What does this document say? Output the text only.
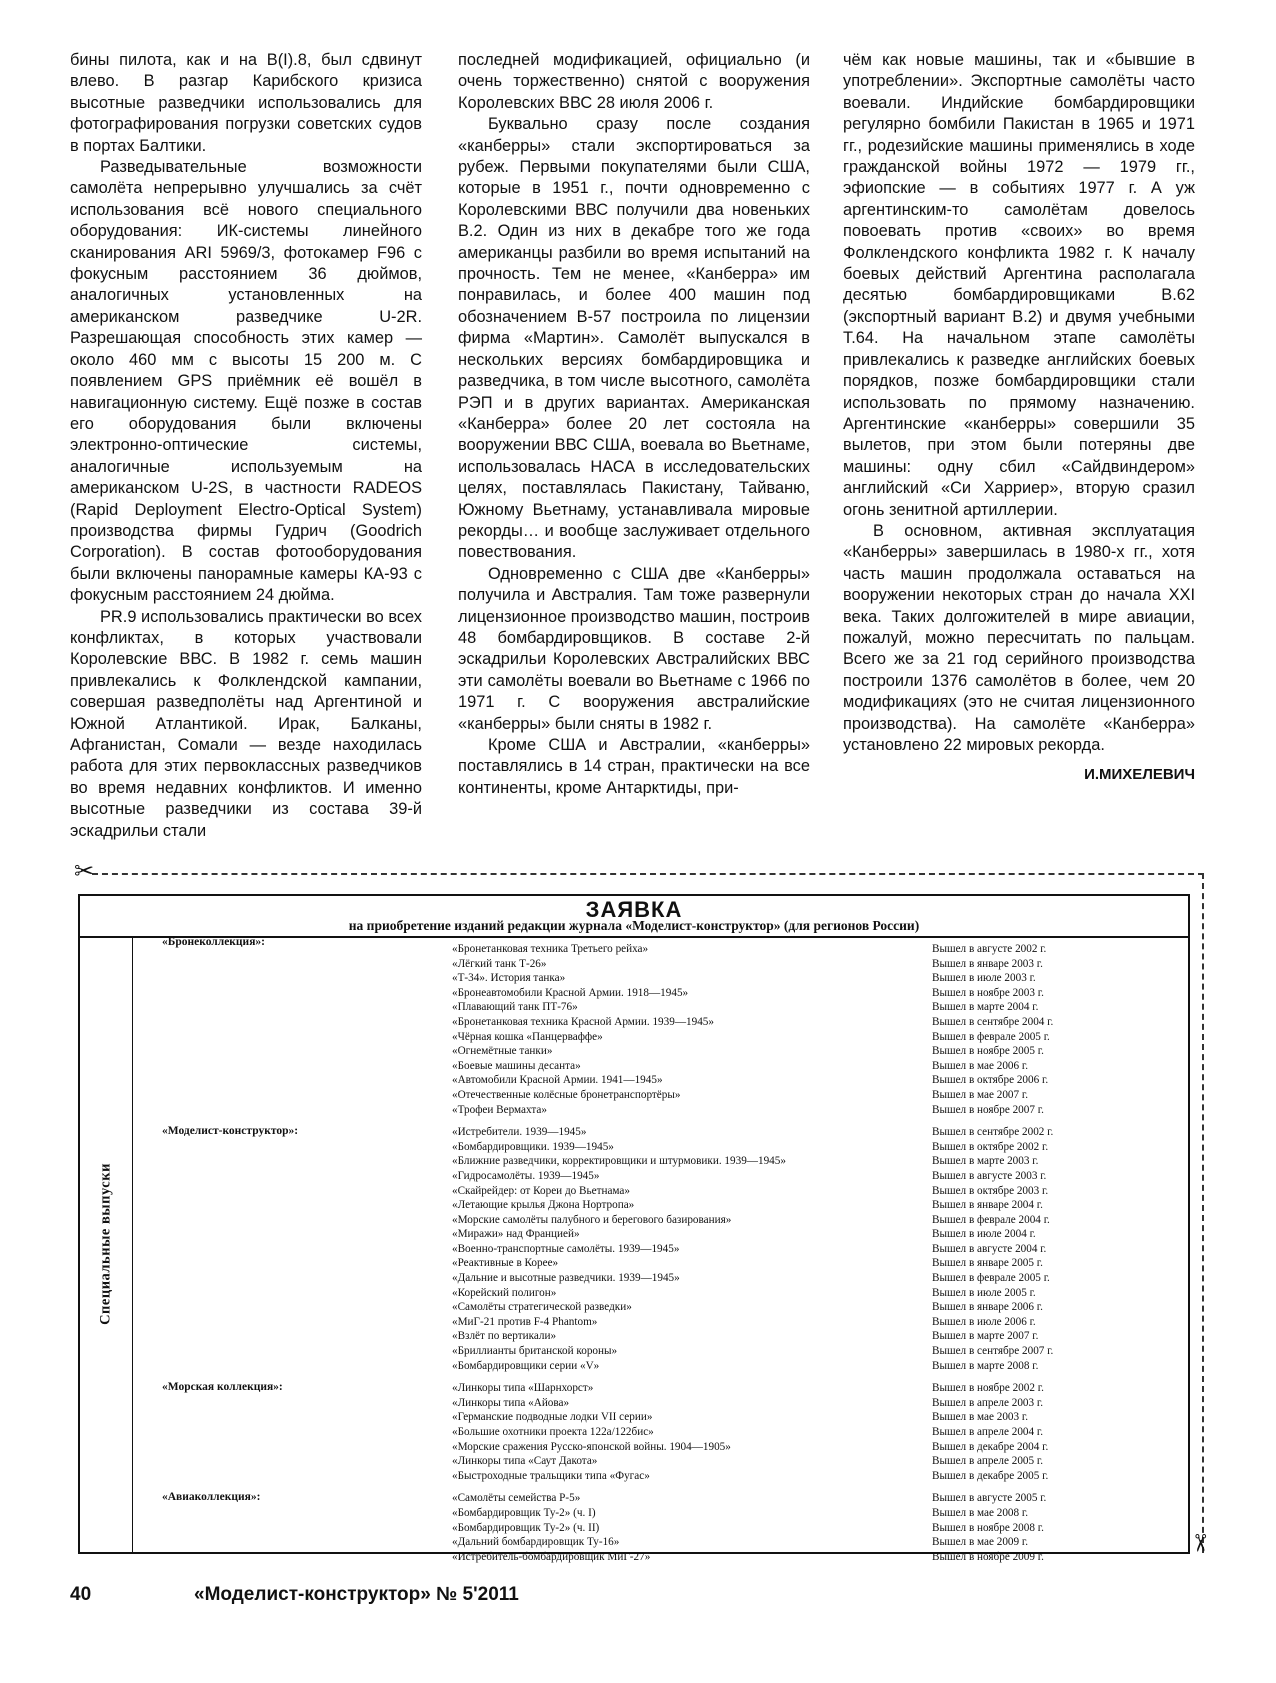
бины пилота, как и на B(I).8, был сдвинут влево. В разгар Карибского кризиса высотные разведчики использовались для фотографирования погрузки советских судов в портах Балтики.

Разведывательные возможности самолёта непрерывно улучшались за счёт использования всё нового специального оборудования: ИК-системы линейного сканирования ARI 5969/3, фотокамер F96 с фокусным расстоянием 36 дюймов, аналогичных установленных на американском разведчике U-2R. Разрешающая способность этих камер — около 460 мм с высоты 15 200 м. С появлением GPS приёмник её вошёл в навигационную систему. Ещё позже в состав его оборудования были включены электронно-оптические системы, аналогичные используемым на американском U-2S, в частности RADEOS (Rapid Deployment Electro-Optical System) производства фирмы Гудрич (Goodrich Corporation). В состав фотооборудования были включены панорамные камеры КА-93 с фокусным расстоянием 24 дюйма.

PR.9 использовались практически во всех конфликтах, в которых участвовали Королевские ВВС. В 1982 г. семь машин привлекались к Фолклендской кампании, совершая разведполёты над Аргентиной и Южной Атлантикой. Ирак, Балканы, Афганистан, Сомали — везде находилась работа для этих первоклассных разведчиков во время недавних конфликтов. И именно высотные разведчики из состава 39-й эскадрильи стали

последней модификацией, официально (и очень торжественно) снятой с вооружения Королевских ВВС 28 июля 2006 г.

Буквально сразу после создания «канберры» стали экспортироваться за рубеж. Первыми покупателями были США, которые в 1951 г., почти одновременно с Королевскими ВВС получили два новеньких В.2. Один из них в декабре того же года американцы разбили во время испытаний на прочность. Тем не менее, «Канберра» им понравилась, и более 400 машин под обозначением В-57 построила по лицензии фирма «Мартин». Самолёт выпускался в нескольких версиях бомбардировщика и разведчика, в том числе высотного, самолёта РЭП и в других вариантах. Американская «Канберра» более 20 лет состояла на вооружении ВВС США, воевала во Вьетнаме, использовалась НАСА в исследовательских целях, поставлялась Пакистану, Тайваню, Южному Вьетнаму, устанавливала мировые рекорды… и вообще заслуживает отдельного повествования.

Одновременно с США две «Канберры» получила и Австралия. Там тоже развернули лицензионное производство машин, построив 48 бомбардировщиков. В составе 2-й эскадрильи Королевских Австралийских ВВС эти самолёты воевали во Вьетнаме с 1966 по 1971 г. С вооружения австралийские «канберры» были сняты в 1982 г.

Кроме США и Австралии, «канберры» поставлялись в 14 стран, практически на все континенты, кроме Антарктиды, при-

чём как новые машины, так и «бывшие в употреблении». Экспортные самолёты часто воевали. Индийские бомбардировщики регулярно бомбили Пакистан в 1965 и 1971 гг., родезийские машины применялись в ходе гражданской войны 1972 — 1979 гг., эфиопские — в событиях 1977 г. А уж аргентинским-то самолётам довелось повоевать против «своих» во время Фолклендского конфликта 1982 г. К началу боевых действий Аргентина располагала десятью бомбардировщиками В.62 (экспортный вариант В.2) и двумя учебными Т.64. На начальном этапе самолёты привлекались к разведке английских боевых порядков, позже бомбардировщики стали использовать по прямому назначению. Аргентинские «канберры» совершили 35 вылетов, при этом были потеряны две машины: одну сбил «Сайдвиндером» английский «Си Харриер», вторую сразил огонь зенитной артиллерии.

В основном, активная эксплуатация «Канберры» завершилась в 1980-х гг., хотя часть машин продолжала оставаться на вооружении некоторых стран до начала XXI века. Таких долгожителей в мире авиации, пожалуй, можно пересчитать по пальцам. Всего же за 21 год серийного производства построили 1376 самолётов в более, чем 20 модификациях (это не считая лицензионного производства). На самолёте «Канберра» установлено 22 мировых рекорда.

И.МИХЕЛЕВИЧ

✂
✂
ЗАЯВКА
на приобретение изданий редакции журнала «Моделист-конструктор» (для регионов России)
Специальные выпуски
«Бронеколлекция»:
«Бронетанковая техника Третьего рейха»	Вышел в августе 2002 г.
«Лёгкий танк Т-26»	Вышел в январе 2003 г.
«Т-34». История танка»	Вышел в июле 2003 г.
«Бронеавтомобили Красной Армии. 1918—1945»	Вышел в ноябре 2003 г.
«Плавающий танк ПТ-76»	Вышел в марте 2004 г.
«Бронетанковая техника Красной Армии. 1939—1945»	Вышел в сентябре 2004 г.
«Чёрная кошка «Панцерваффе»	Вышел в феврале 2005 г.
«Огнемётные танки»	Вышел в ноябре 2005 г.
«Боевые машины десанта»	Вышел в мае 2006 г.
«Автомобили Красной Армии. 1941—1945»	Вышел в октябре 2006 г.
«Отечественные колёсные бронетранспортёры»	Вышел в мае 2007 г.
«Трофеи Вермахта»	Вышел в ноябре 2007 г.
«Моделист-конструктор»:	«Истребители. 1939—1945»	Вышел в сентябре 2002 г.
«Бомбардировщики. 1939—1945»	Вышел в октябре 2002 г.
«Ближние разведчики, корректировщики и штурмовики. 1939—1945»	Вышел в марте 2003 г.
«Гидросамолёты. 1939—1945»	Вышел в августе 2003 г.
«Скайрейдер: от Кореи до Вьетнама»	Вышел в октябре 2003 г.
«Летающие крылья Джона Нортропа»	Вышел в январе 2004 г.
«Морские самолёты палубного и берегового базирования»	Вышел в феврале 2004 г.
«Миражи» над Францией»	Вышел в июле 2004 г.
«Военно-транспортные самолёты. 1939—1945»	Вышел в августе 2004 г.
«Реактивные в Корее»	Вышел в январе 2005 г.
«Дальние и высотные разведчики. 1939—1945»	Вышел в феврале 2005 г.
«Корейский полигон»	Вышел в июле 2005 г.
«Самолёты стратегической разведки»	Вышел в январе 2006 г.
«МиГ-21 против F-4 Phantom»	Вышел в июле 2006 г.
«Взлёт по вертикали»	Вышел в марте 2007 г.
«Бриллианты британской короны»	Вышел в сентябре 2007 г.
«Бомбардировщики серии «V»	Вышел в марте 2008 г.
«Морская коллекция»:	«Линкоры типа «Шарнхорст»	Вышел в ноябре 2002 г.
«Линкоры типа «Айова»	Вышел в апреле 2003 г.
«Германские подводные лодки VII серии»	Вышел в мае 2003 г.
«Большие охотники проекта 122а/122бис»	Вышел в апреле 2004 г.
«Морские сражения Русско-японской войны. 1904—1905»	Вышел в декабре 2004 г.
«Линкоры типа «Саут Дакота»	Вышел в апреле 2005 г.
«Быстроходные тральщики типа «Фугас»	Вышел в декабре 2005 г.
«Авиаколлекция»:	«Самолёты семейства Р-5»	Вышел в августе 2005 г.
«Бомбардировщик Ту-2» (ч. I)	Вышел в мае 2008 г.
«Бомбардировщик Ту-2» (ч. II)	Вышел в ноябре 2008 г.
«Дальний бомбардировщик Ту-16»	Вышел в мае 2009 г.
«Истребитель-бомбардировщик МиГ-27»	Вышел в ноябре 2009 г.
40	«Моделист-конструктор» № 5'2011
